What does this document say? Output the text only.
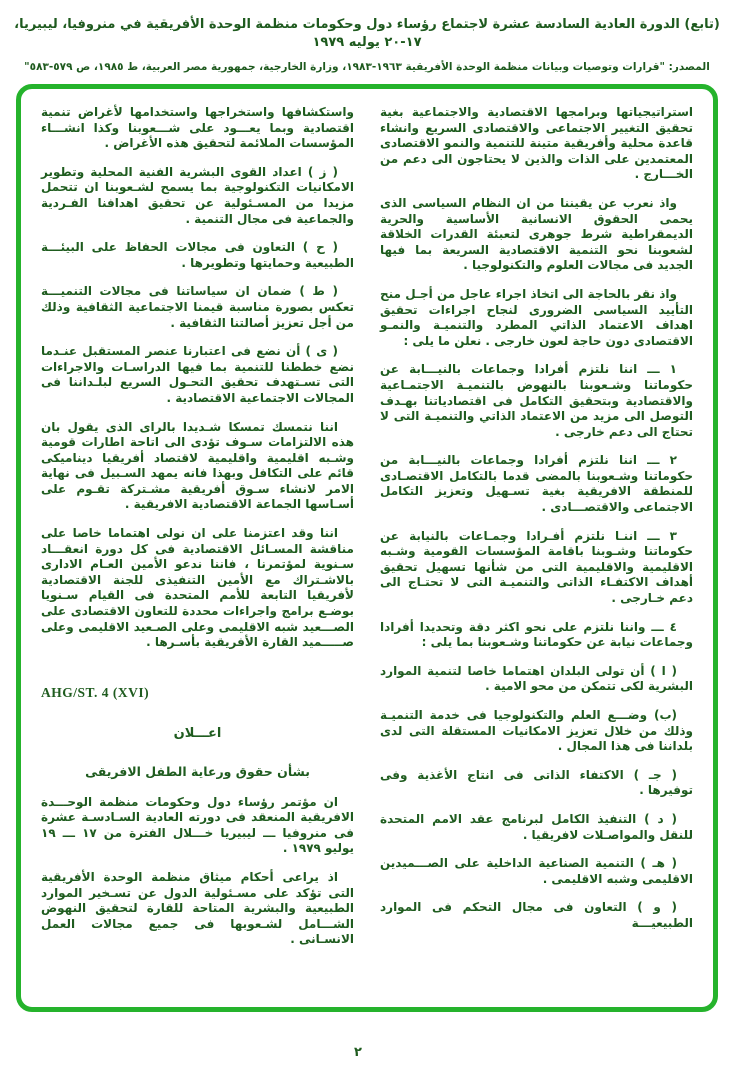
(تابع) الدورة العادية السادسة عشرة لاجتماع رؤساء دول وحكومات منظمة الوحدة الأفريقية في منروفيا، ليبيريا، ١٧-٢٠ يوليه ١٩٧٩
المصدر: "قرارات وتوصيات وبيانات منظمة الوحدة الأفريقية ١٩٦٣-١٩٨٣، وزارة الخارجية، جمهورية مصر العربية، ط ١٩٨٥، ص ٥٧٩-٥٨٣"

استراتيجياتها وبرامجها الاقتصادية والاجتماعية بغية تحقيق التغيير الاجتماعى والاقتصادى السريع وانشاء قاعدة محلية وأفريقية متينة للتنمية والنمو الاقتصادى المعتمدين على الذات والذين لا يحتاجون الى دعم من الخـــارج .

واذ نعرب عن يقيننا من ان النظام السياسى الذى يحمى الحقوق الانسانية الأساسية والحرية الديمقراطية شرط جوهرى لتعبئة القدرات الخلاقة لشعوبنا نحو التنمية الاقتصادية السريعة بما فيها الجديد فى مجالات العلوم والتكنولوجيا .

واذ نقر بالحاجة الى اتخاذ اجراء عاجل من أجـل منح التأييد السياسى الضرورى لنجاح اجراءات تحقيق اهداف الاعتماد الذاتي المطرد والتنميـة والنمـو الاقتصادى دون حاجة لعون خارجى . نعلن ما يلى :

١ ـــ اننا نلتزم أفرادا وجماعات بالنيـــابة عن حكوماتنا وشـعوبنا بالنهوض بالتنميـة الاجتمـاعية والاقتصادية وبتحقيق التكامل فى اقتصادياتنا بهـدف التوصل الى مزيد من الاعتماد الذاتي والتنميـة التى لا تحتاج الى دعم خارجى .

٢ ـــ اننا نلتزم أفرادا وجماعات بالنيـــابة من حكوماتنا وشـعوبنا بالمضى قدما بالتكامل الاقتصـادى للمنطقة الافريقية بغية تسـهيل وتعزيز التكامل الاجتماعى والاقتصـــادى .

٣ ـــ اننـا نلتزم أفـرادا وجمـاعات بالنيابة عن حكوماتنا وشـوبنا باقامة المؤسسات القومية وشـبه الاقليمية والاقليمية التى من شأنها تسهيل تحقيق أهداف الاكتفـاء الذاتى والتنميـة التى لا تحتـاج الى دعم خـارجى .

٤ ـــ واننا نلتزم على نحو اكثر دقة وتحديدا أفرادا وجماعات نيابة عن حكوماتنا وشـعوبنا بما يلى :

( ا ) أن تولى البلدان اهتماما خاصا لتنمية الموارد البشرية لكى تتمكن من محو الامية .

(ب) وضـــع العلم والتكنولوجيا فى خدمة التنميـة وذلك من خلال تعزيز الامكانيات المستقلة التى لدى بلداننا فى هذا المجال .

( جـ ) الاكتفاء الذاتى فى انتاج الأغذية وفى توفيرها .

( د ) التنفيذ الكامل لبرنامج عقد الامم المتحدة للنقل والمواصـلات لافريقيا .

( هـ ) التنمية الصناعية الداخلية على الصـــميدين الاقليمى وشبه الاقليمى .

( و ) التعاون فى مجال التحكم فى الموارد الطبيعيـــة

واستكشافها واستخراجها واستخدامها لأغراض تنمية اقتصادية وبما يعـــود على شـــعوبنا وكذا انشـــاء المؤسسات الملائمة لتحقيق هذه الأغراض .

( ز ) اعداد القوى البشرية الفنية المحلية وتطوير الامكانيات التكنولوجية بما يسمح لشـعوبنا ان تتحمل مزيدا من المسـئولية عن تحقيق اهدافنا الفـردية والجماعية فى مجال التنمية .

( ح ) التعاون فى مجالات الحفاظ على البيئـــة الطبيعية وحمايتها وتطويرها .

( ط ) ضمان ان سياساتنا فى مجالات التنميـــة تعكس بصورة مناسبة قيمنا الاجتماعية الثقافية وذلك من أجل تعزيز أصالتنا الثقافية .

( ى ) أن نضع فى اعتبارنا عنصر المستقبل عنـدما نضع خططنا للتنمية بما فيها الدراسـات والاجراءات التى تسـتهدف تحقيق التحـول السريع لبلـداننا فى المجالات الاجتماعية الاقتصادية .

اننا نتمسك تمسكا شـديدا بالراى الذى يقول بان هذه الالتزامات سـوف تؤدى الى اتاحة اطارات قومية وشـبه اقليمية واقليمية لاقتصاد أفريقيا ديناميكى قائم على التكافل وبهذا فانه يمهد السـبيل فى نهاية الامر لانشاء سـوق أفريقية مشـتركة تقـوم على أسـاسها الجماعة الاقتصادية الافريقية .

اننا وقد اعتزمنا على ان نولى اهتماما خاصا على مناقشة المسـائل الاقتصادية فى كل دورة انعقـــاد سـنوية لمؤتمرنا ، فاننا ندعو الأمين العـام الادارى بالاشـتراك مع الأمين التنفيذى للجنة الاقتصادية لأفريقيا التابعة للأمم المتحدة فى القيام سـنويا بوضـع برامج واجراءات محددة للتعاون الاقتصادى على الصـــعيد شبه الاقليمى وعلى الصـعيد الاقليمى وعلى صـــــميد القارة الأفريقية بأسـرها .

AHG/ST. 4 (XVI)

اعـــلان

بشأن حقوق ورعاية الطفل الافريقى

ان مؤتمر رؤساء دول وحكومات منظمة الوحـــدة الافريقية المنعقد فى دورته العادية السـادسـة عشرة فى منروفيا ـــ ليبيريا خـــلال الفترة من ١٧ ـــ ١٩ يوليو ١٩٧٩ .

اذ يراعى أحكام ميثاق منظمة الوحدة الأفريقية التى تؤكد على مسـئولية الدول عن تسـخير الموارد الطبيعية والبشرية المتاحة للقارة لتحقيق النهوض الشـــامل لشـعوبها فى جميع مجالات العمل الانسـانى .

٢
